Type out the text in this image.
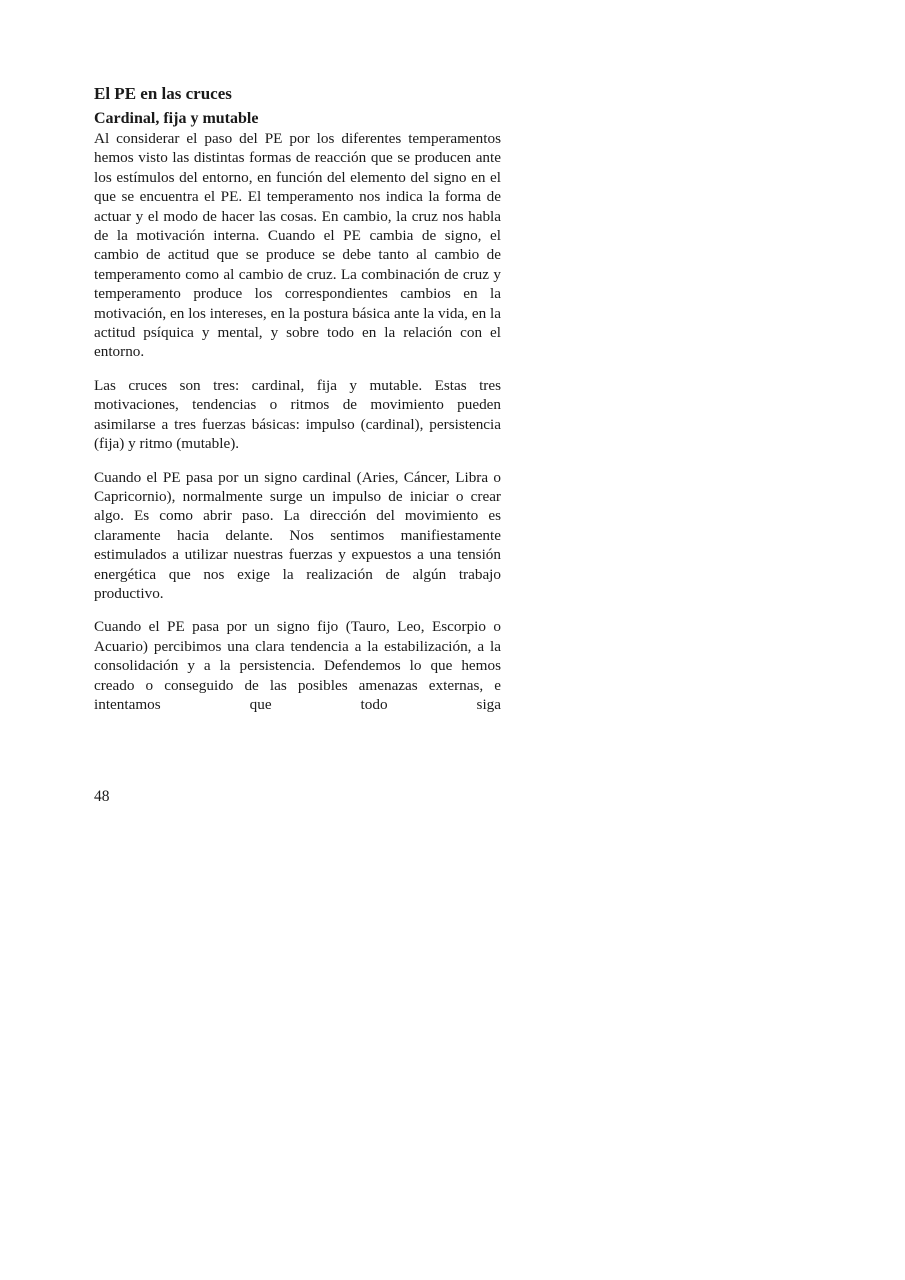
El PE en las cruces
Cardinal, fija y mutable

Al considerar el paso del PE por los diferentes temperamentos hemos visto las distintas formas de reacción que se producen ante los estímulos del entorno, en función del elemento del signo en el que se encuentra el PE. El temperamento nos indica la forma de actuar y el modo de hacer las cosas. En cambio, la cruz nos habla de la motivación interna. Cuando el PE cambia de signo, el cambio de actitud que se produce se debe tanto al cambio de temperamento como al cambio de cruz. La combinación de cruz y temperamento produce los correspondientes cambios en la motivación, en los intereses, en la postura básica ante la vida, en la actitud psíquica y mental, y sobre todo en la relación con el entorno.

Las cruces son tres: cardinal, fija y mutable. Estas tres motivaciones, tendencias o ritmos de movimiento pueden asimilarse a tres fuerzas básicas: impulso (cardinal), persistencia (fija) y ritmo (mutable).

Cuando el PE pasa por un signo cardinal (Aries, Cáncer, Libra o Capricornio), normalmente surge un impulso de iniciar o crear algo. Es como abrir paso. La dirección del movimiento es claramente hacia delante. Nos sentimos manifiestamente estimulados a utilizar nuestras fuerzas y expuestos a una tensión energética que nos exige la realización de algún trabajo productivo.

Cuando el PE pasa por un signo fijo (Tauro, Leo, Escorpio o Acuario) percibimos una clara tendencia a la estabilización, a la consolidación y a la persistencia. Defendemos lo que hemos creado o conseguido de las posibles amenazas externas, e intentamos que todo siga

48
